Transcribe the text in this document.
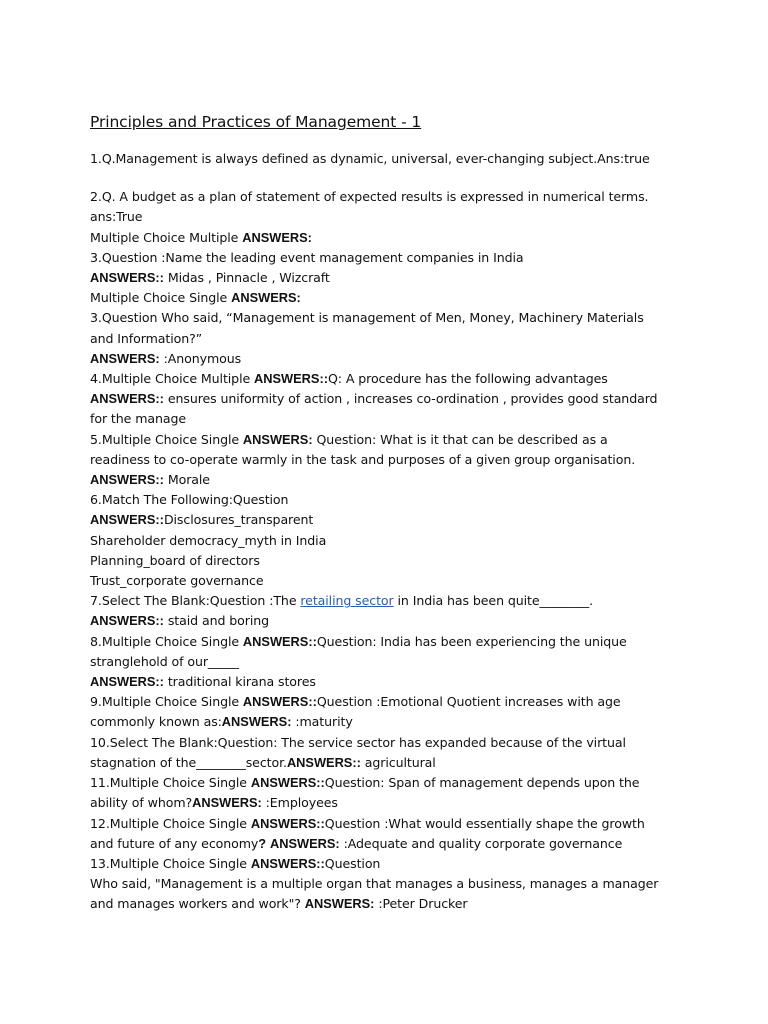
Principles and Practices of Management - 1
1.Q.Management is always defined as dynamic, universal, ever-changing subject.Ans:true
2.Q. A budget as a plan of statement of expected results is expressed in numerical terms.
ans:True
Multiple Choice Multiple ANSWERS:
3.Question :Name the leading event management companies in India
ANSWERS:: Midas , Pinnacle , Wizcraft
Multiple Choice Single ANSWERS:
3.Question Who said, “Management is management of Men, Money, Machinery Materials
and Information?”
ANSWERS: :Anonymous
4.Multiple Choice Multiple ANSWERS::Q: A procedure has the following advantages
ANSWERS:: ensures uniformity of action , increases co-ordination , provides good standard
for the manage
5.Multiple Choice Single ANSWERS: Question: What is it that can be described as a
readiness to co-operate warmly in the task and purposes of a given group organisation.
ANSWERS:: Morale
6.Match The Following:Question
ANSWERS::Disclosures_transparent
Shareholder democracy_myth in India
Planning_board of directors
Trust_corporate governance
7.Select The Blank:Question :The retailing sector in India has been quite________.
ANSWERS:: staid and boring
8.Multiple Choice Single ANSWERS::Question: India has been experiencing the unique
stranglehold of our_____
ANSWERS:: traditional kirana stores
9.Multiple Choice Single ANSWERS::Question :Emotional Quotient increases with age
commonly known as:ANSWERS: :maturity
10.Select The Blank:Question: The service sector has expanded because of the virtual
stagnation of the________sector.ANSWERS:: agricultural
11.Multiple Choice Single ANSWERS::Question: Span of management depends upon the
ability of whom?ANSWERS: :Employees
12.Multiple Choice Single ANSWERS::Question :What would essentially shape the growth
and future of any economy? ANSWERS: :Adequate and quality corporate governance
13.Multiple Choice Single ANSWERS::Question
Who said, "Management is a multiple organ that manages a business, manages a manager
and manages workers and work"? ANSWERS: :Peter Drucker
